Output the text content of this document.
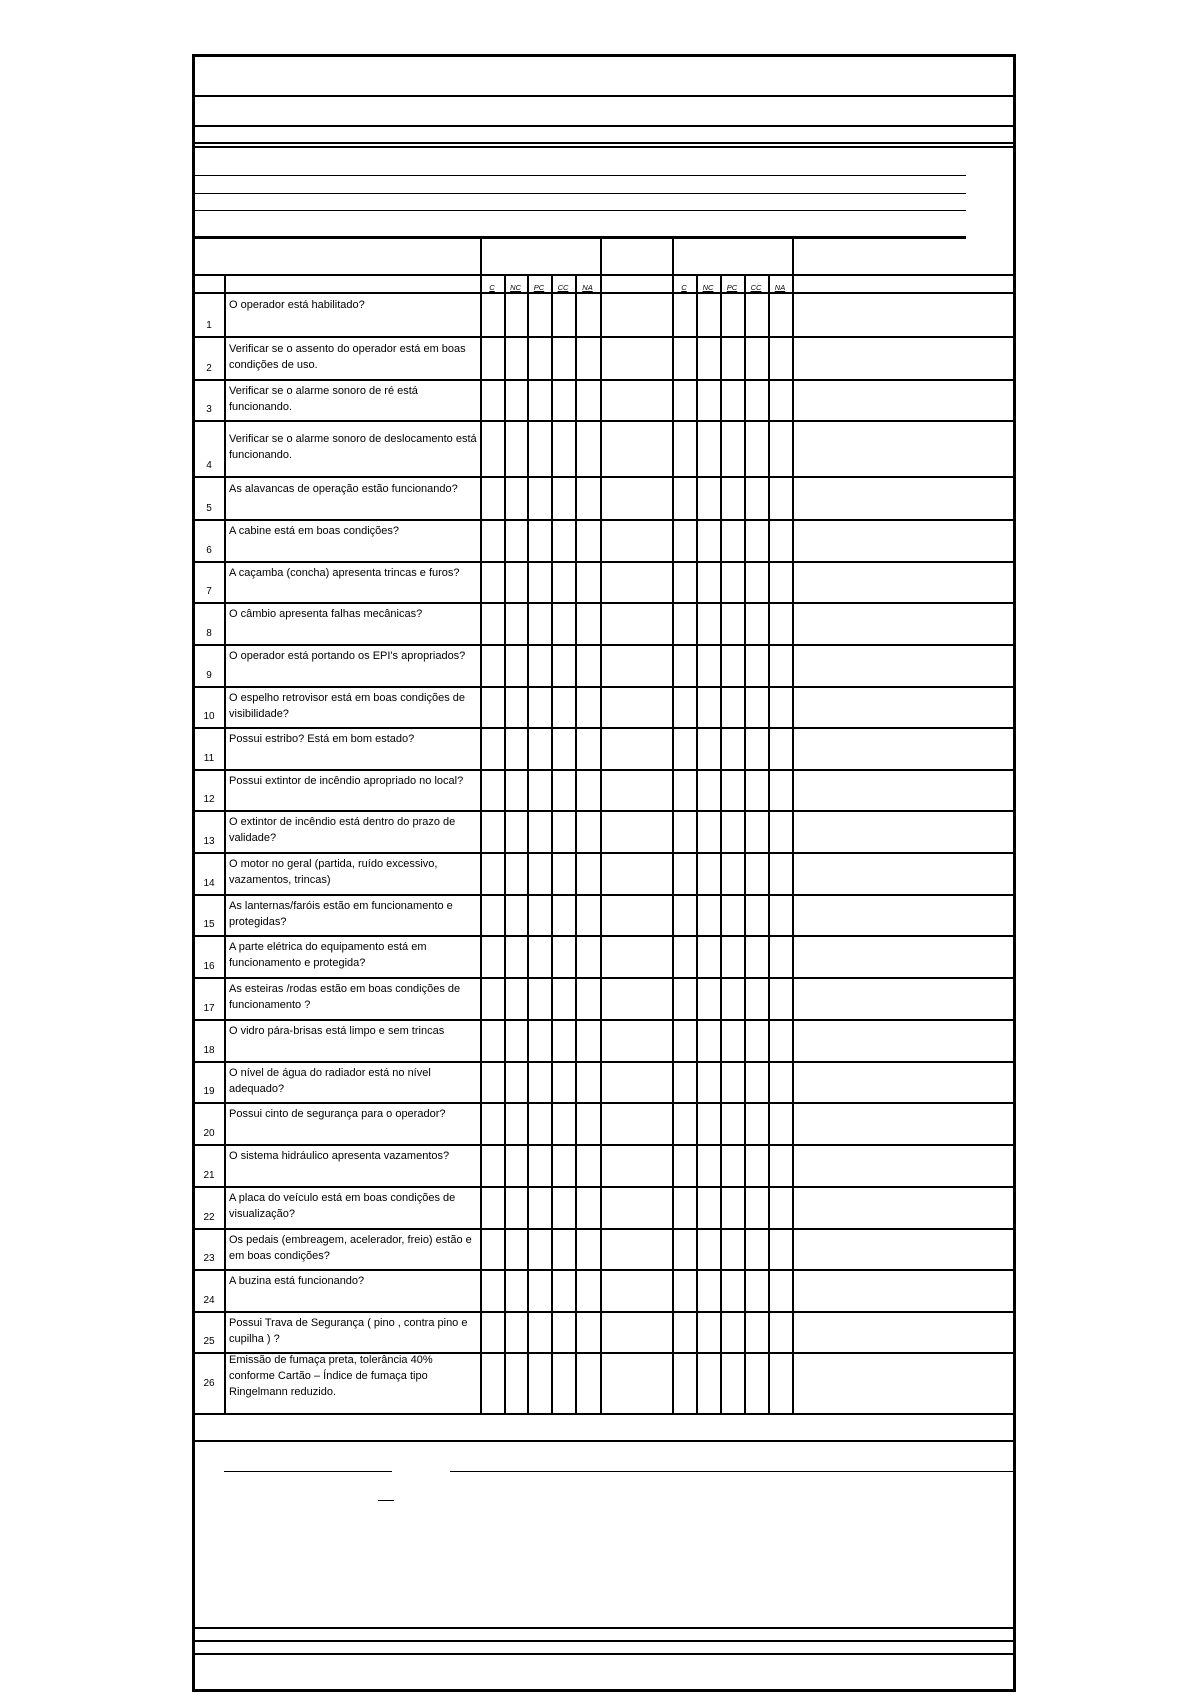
C	NC	PC	CC	NA	C	NC	PC	CC	NA
1
O operador está habilitado?
2
Verificar se o assento do operador está em boas condições de uso.
3
Verificar se o alarme sonoro de ré está funcionando.
4
Verificar se o alarme sonoro de deslocamento está funcionando.
5
As alavancas de operação estão funcionando?
6
A cabine está em boas condições?
7
A caçamba (concha) apresenta trincas e furos?
8
O câmbio apresenta falhas mecânicas?
9
O operador está portando os EPI's apropriados?
10
O espelho retrovisor está em boas condições de visibilidade?
11
Possui estribo? Está em bom estado?
12
Possui extintor de incêndio apropriado no local?
13
O extintor de incêndio está dentro do prazo de validade?
14
O motor no geral (partida, ruído excessivo, vazamentos, trincas)
15
As lanternas/faróis estão em funcionamento e protegidas?
16
A parte elétrica do equipamento está em funcionamento e protegida?
17
As esteiras /rodas estão em boas condições de funcionamento ?
18
O vidro pára-brisas está limpo e sem trincas
19
O nível de água do radiador está no nível adequado?
20
Possui cinto de segurança para o operador?
21
O sistema hidráulico apresenta vazamentos?
22
A placa do veículo está em boas condições de visualização?
23
Os pedais (embreagem, acelerador, freio) estão e em boas condições?
24
A buzina está funcionando?
25
Possui Trava de Segurança ( pino , contra pino e cupilha ) ?
26
Emissão de fumaça preta, tolerância 40% conforme Cartão – Índice de fumaça tipo Ringelmann reduzido.
